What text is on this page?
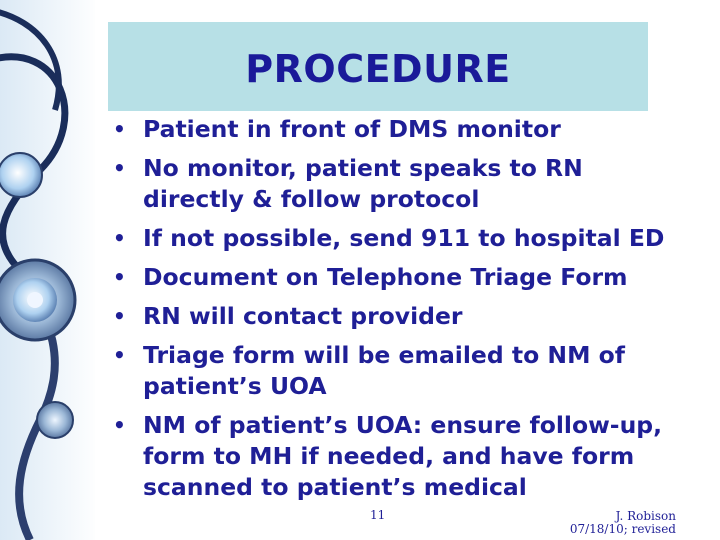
PROCEDURE
• Patient in front of DMS monitor
• No monitor, patient speaks to RN directly & follow protocol
• If not possible, send 911 to hospital ED
• Document on Telephone Triage Form
• RN will contact provider
• Triage form will be emailed to NM of patient’s UOA
• NM of patient’s UOA: ensure follow-up, form to MH if needed, and have form scanned to patient’s medical
11	J. Robison
07/18/10; revised
